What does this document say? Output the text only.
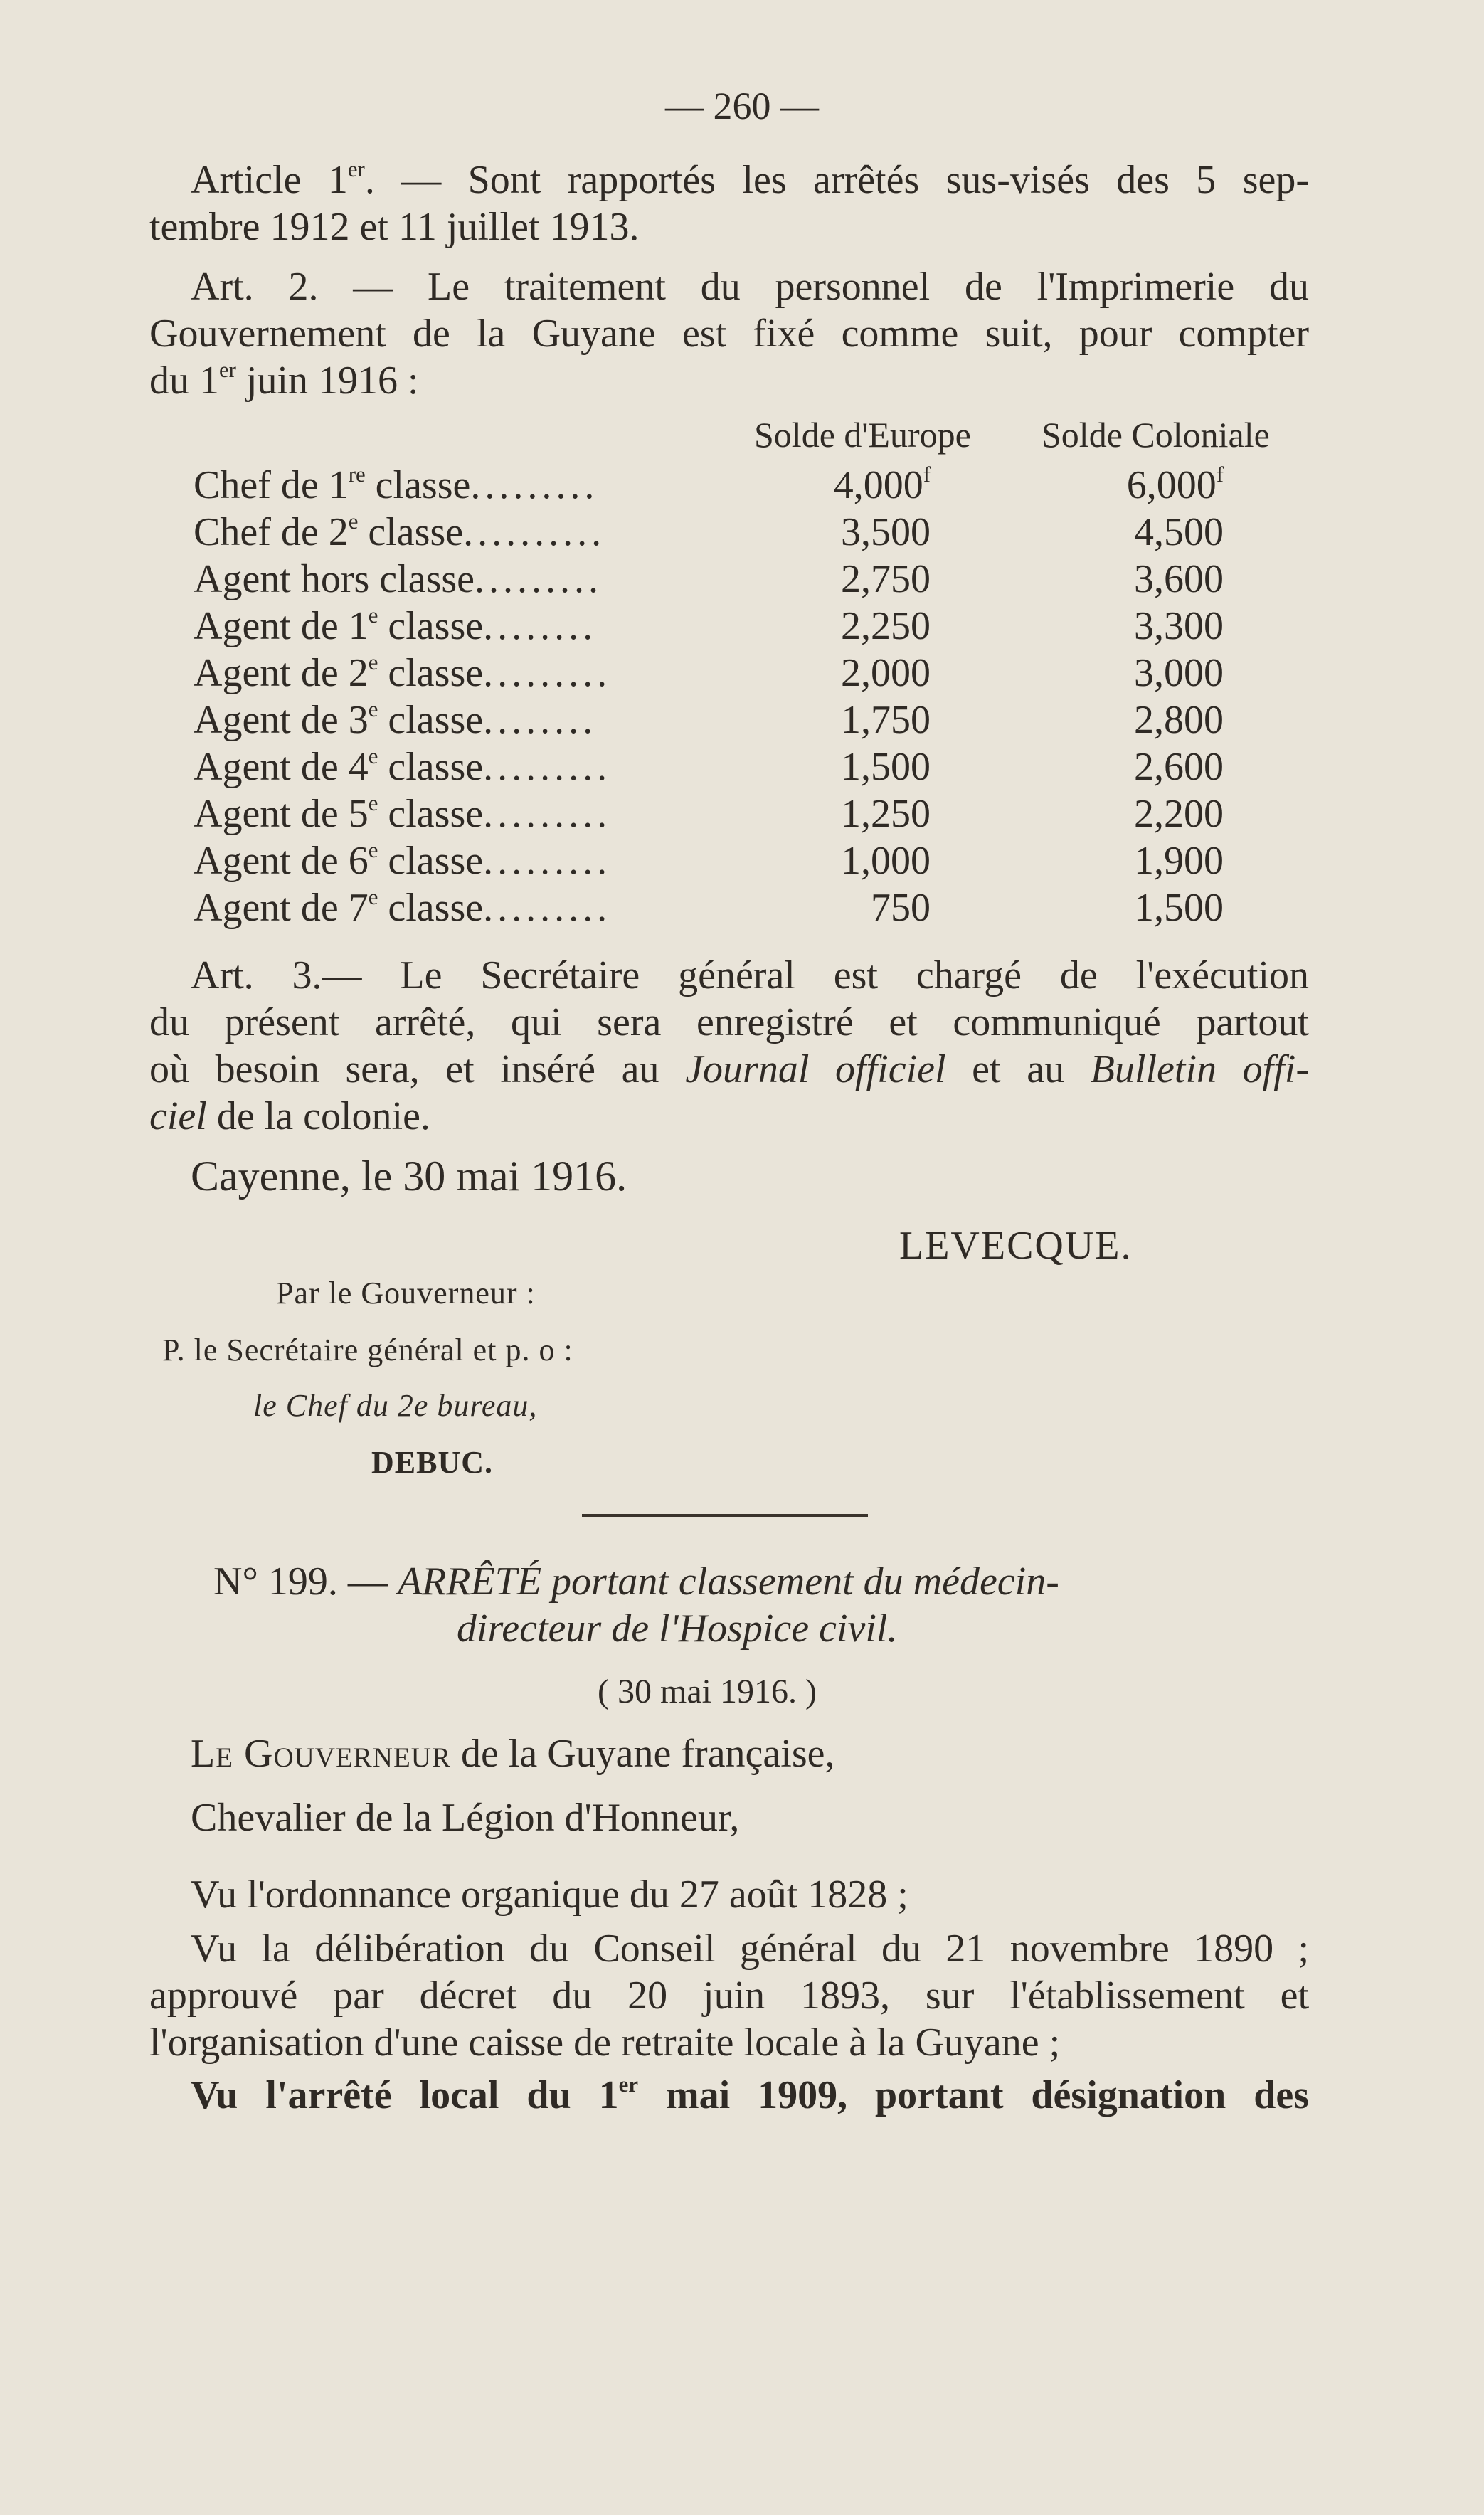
— 260 —
Article 1er. — Sont rapportés les arrêtés sus-visés des 5 sep-
tembre 1912 et 11 juillet 1913.
Art. 2. — Le traitement du personnel de l'Imprimerie du
Gouvernement de la Guyane est fixé comme suit, pour compter
du 1er juin 1916 :
Solde d'Europe Solde Coloniale
Chef de 1re classe.........	4,000$^f$	6,000$^f$
Chef de 2e classe..........	3,500	4,500
Agent hors classe.........	2,750	3,600
Agent de 1e classe........	2,250	3,300
Agent de 2e classe.........	2,000	3,000
Agent de 3e classe........	1,750	2,800
Agent de 4e classe.........	1,500	2,600
Agent de 5e classe.........	1,250	2,200
Agent de 6e classe.........	1,000	1,900
Agent de 7e classe.........	750	1,500
Art. 3.— Le Secrétaire général est chargé de l'exécution
du présent arrêté, qui sera enregistré et communiqué partout
où besoin sera, et inséré au Journal officiel et au Bulletin offi-
ciel de la colonie.
Cayenne, le 30 mai 1916.
LEVECQUE.
Par le Gouverneur :
P. le Secrétaire général et p. o :
le Chef du 2e bureau,
DEBUC.
N° 199. — ARRÊTÉ portant classement du médecin-
directeur de l'Hospice civil.
( 30 mai 1916. )
Le Gouverneur de la Guyane française,
Chevalier de la Légion d'Honneur,
Vu l'ordonnance organique du 27 août 1828 ;
Vu la délibération du Conseil général du 21 novembre 1890 ;
approuvé par décret du 20 juin 1893, sur l'établissement et
l'organisation d'une caisse de retraite locale à la Guyane ;
Vu l'arrêté local du 1er mai 1909, portant désignation des
